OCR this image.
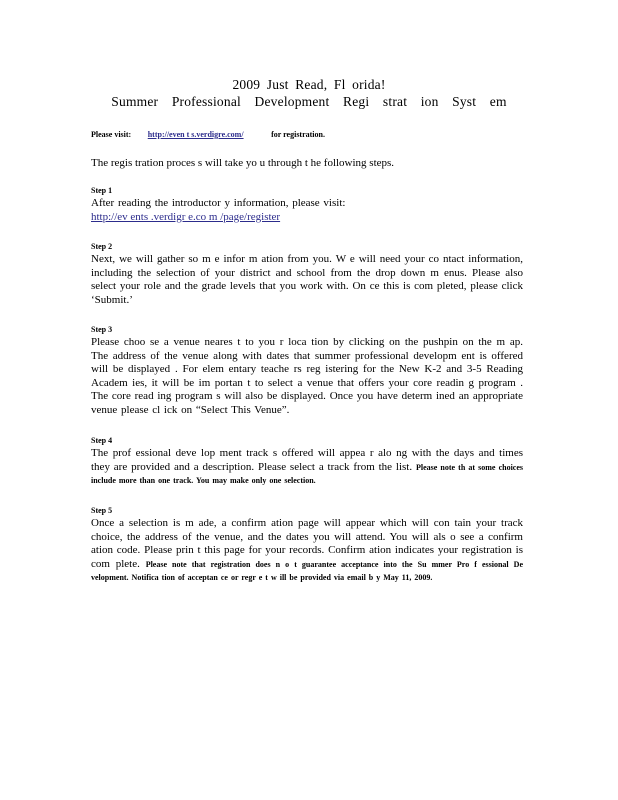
2009 Just Read, Fl orida!
Summer Professional Development Regi strat ion Syst em
Please visit: http://even t s.verdigre.com/	for registration.
The regis tration proces s will take yo u through t he following steps.
Step 1
After reading the introductor y information, please visit:
http://ev ents .verdigr e.co m /page/register
Step 2
Next, we will gather so m e infor m ation from you. W e will need your co ntact information, including the selection of your district and school from the drop down m enus. Please also select your role and the grade levels that you work with. On ce this is com pleted, please click ‘Submit.’
Step 3
Please choo se a venue neares t to you r loca tion by clicking on the pushpin on the m ap. The address of the venue along with dates that summer professional developm ent is offered will be displayed . For elem entary teache rs reg istering for the New K-2 and 3-5 Reading Academ ies, it will be im portan t to select a venue that offers your core readin g program . The core read ing program s will also be displayed. Once you have determ ined an appropriate venue please cl ick on “Select This Venue”.
Step 4
The prof essional deve lop ment track s offered will appea r alo ng with the days and times they are provided and a description. Please select a track from the list. Please note th at some choices include more than one track. You may make only one selection.
Step 5
Once a selection is m ade, a confirm ation page will appear which will con tain your track choice, the address of the venue, and the dates you will attend. You will als o see a confirm ation code. Please prin t this page for your records. Confirm ation indicates your registration is com plete. Please note that registration does n o t guarantee acceptance into the Su mmer Pro f essional De velopment. Notifica tion of acceptan ce or regr e t w ill be provided via email b y May 11, 2009.
